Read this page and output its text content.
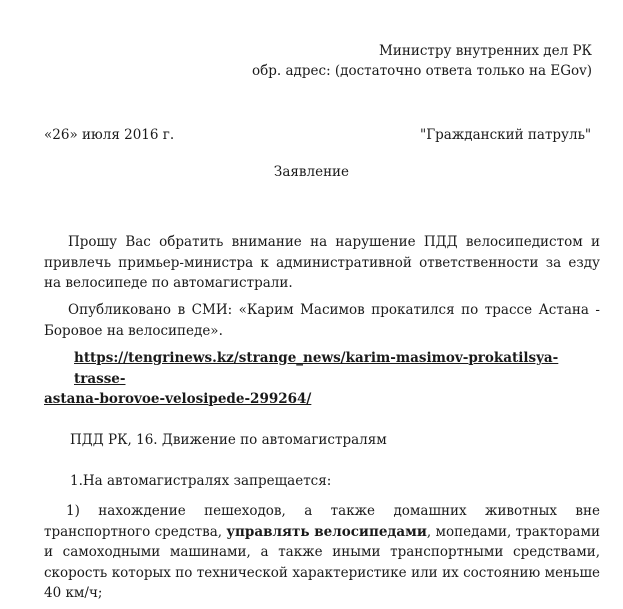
Министру внутренних дел РК
обр. адрес: (достаточно ответа только на EGov)
«26» июля 2016 г.	"Гражданский патруль"
Заявление
Прошу Вас обратить внимание на нарушение ПДД велосипедистом и привлечь примьер-министра к административной ответственности за езду на велосипеде по автомагистрали.
Опубликовано в СМИ: «Карим Масимов прокатился по трассе Астана - Боровое на велосипеде».
https://tengrinews.kz/strange_news/karim-masimov-prokatilsya-trasse-
astana-borovoe-velosipede-299264/
ПДД РК, 16. Движение по автомагистралям
1.На автомагистралях запрещается:
1) нахождение пешеходов, а также домашних животных вне транспортного средства, управлять велосипедами, мопедами, тракторами и самоходными машинами, а также иными транспортными средствами, скорость которых по технической характеристике или их состоянию меньше 40 км/ч;
